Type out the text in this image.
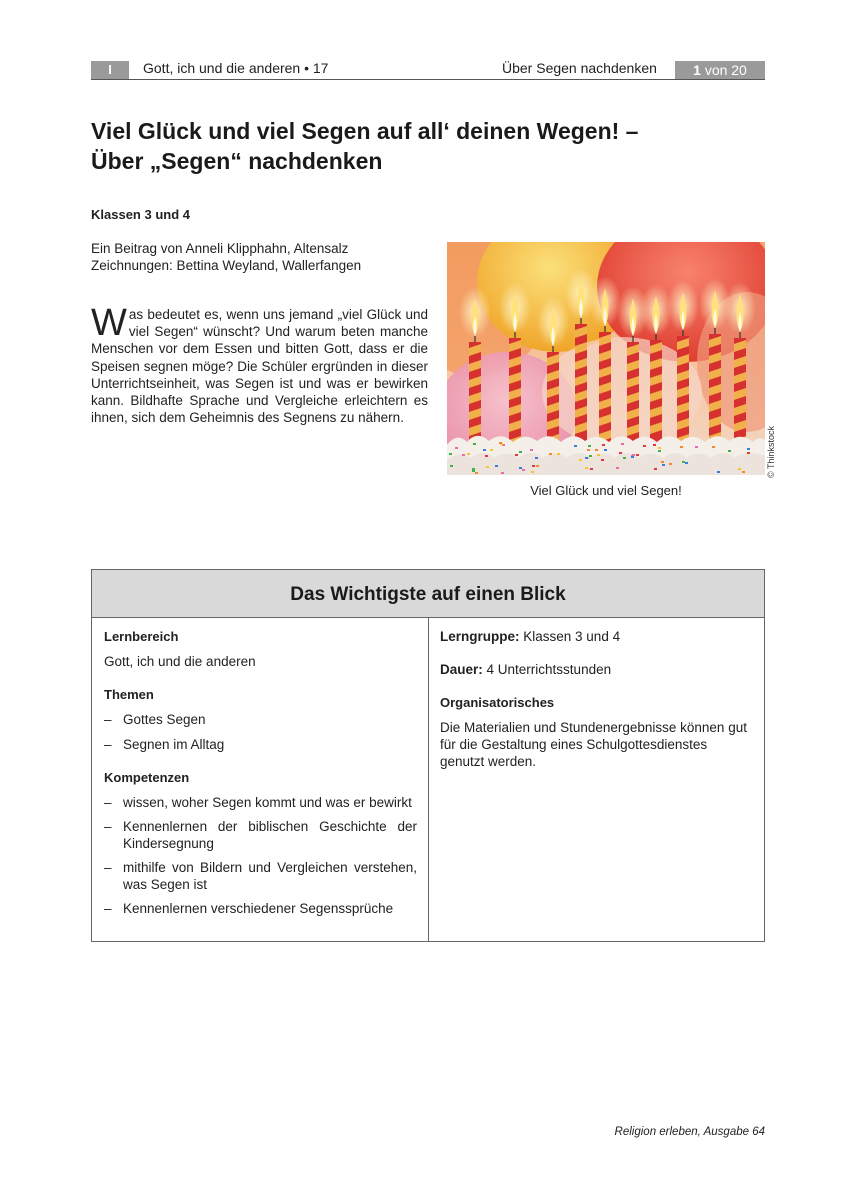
I	Gott, ich und die anderen • 17	Über Segen nachdenken	1 von 20
Viel Glück und viel Segen auf all‘ deinen Wegen! –
Über „Segen“ nachdenken
Klassen 3 und 4
Ein Beitrag von Anneli Klipphahn, Altensalz
Zeichnungen: Bettina Weyland, Wallerfangen
Was bedeutet es, wenn uns jemand „viel Glück und viel Segen“ wünscht? Und warum beten manche Menschen vor dem Essen und bitten Gott, dass er die Speisen segnen möge? Die Schüler ergründen in dieser Unterrichtseinheit, was Segen ist und was er bewirken kann. Bildhafte Sprache und Vergleiche erleichtern es ihnen, sich dem Geheimnis des Segnens zu nähern.
© Thinkstock
Viel Glück und viel Segen!
Das Wichtigste auf einen Blick
Lernbereich

Gott, ich und die anderen

Themen
– Gottes Segen
– Segnen im Alltag
Kompetenzen
– wissen, woher Segen kommt und was er bewirkt
– Kennenlernen der biblischen Geschichte der Kindersegnung
– mithilfe von Bildern und Vergleichen verstehen, was Segen ist
– Kennenlernen verschiedener Segenssprüche

Lerngruppe: Klassen 3 und 4

Dauer: 4 Unterrichtsstunden

Organisatorisches

Die Materialien und Stundenergebnisse können gut für die Gestaltung eines Schulgottesdienstes genutzt werden.

Religion erleben, Ausgabe 64
